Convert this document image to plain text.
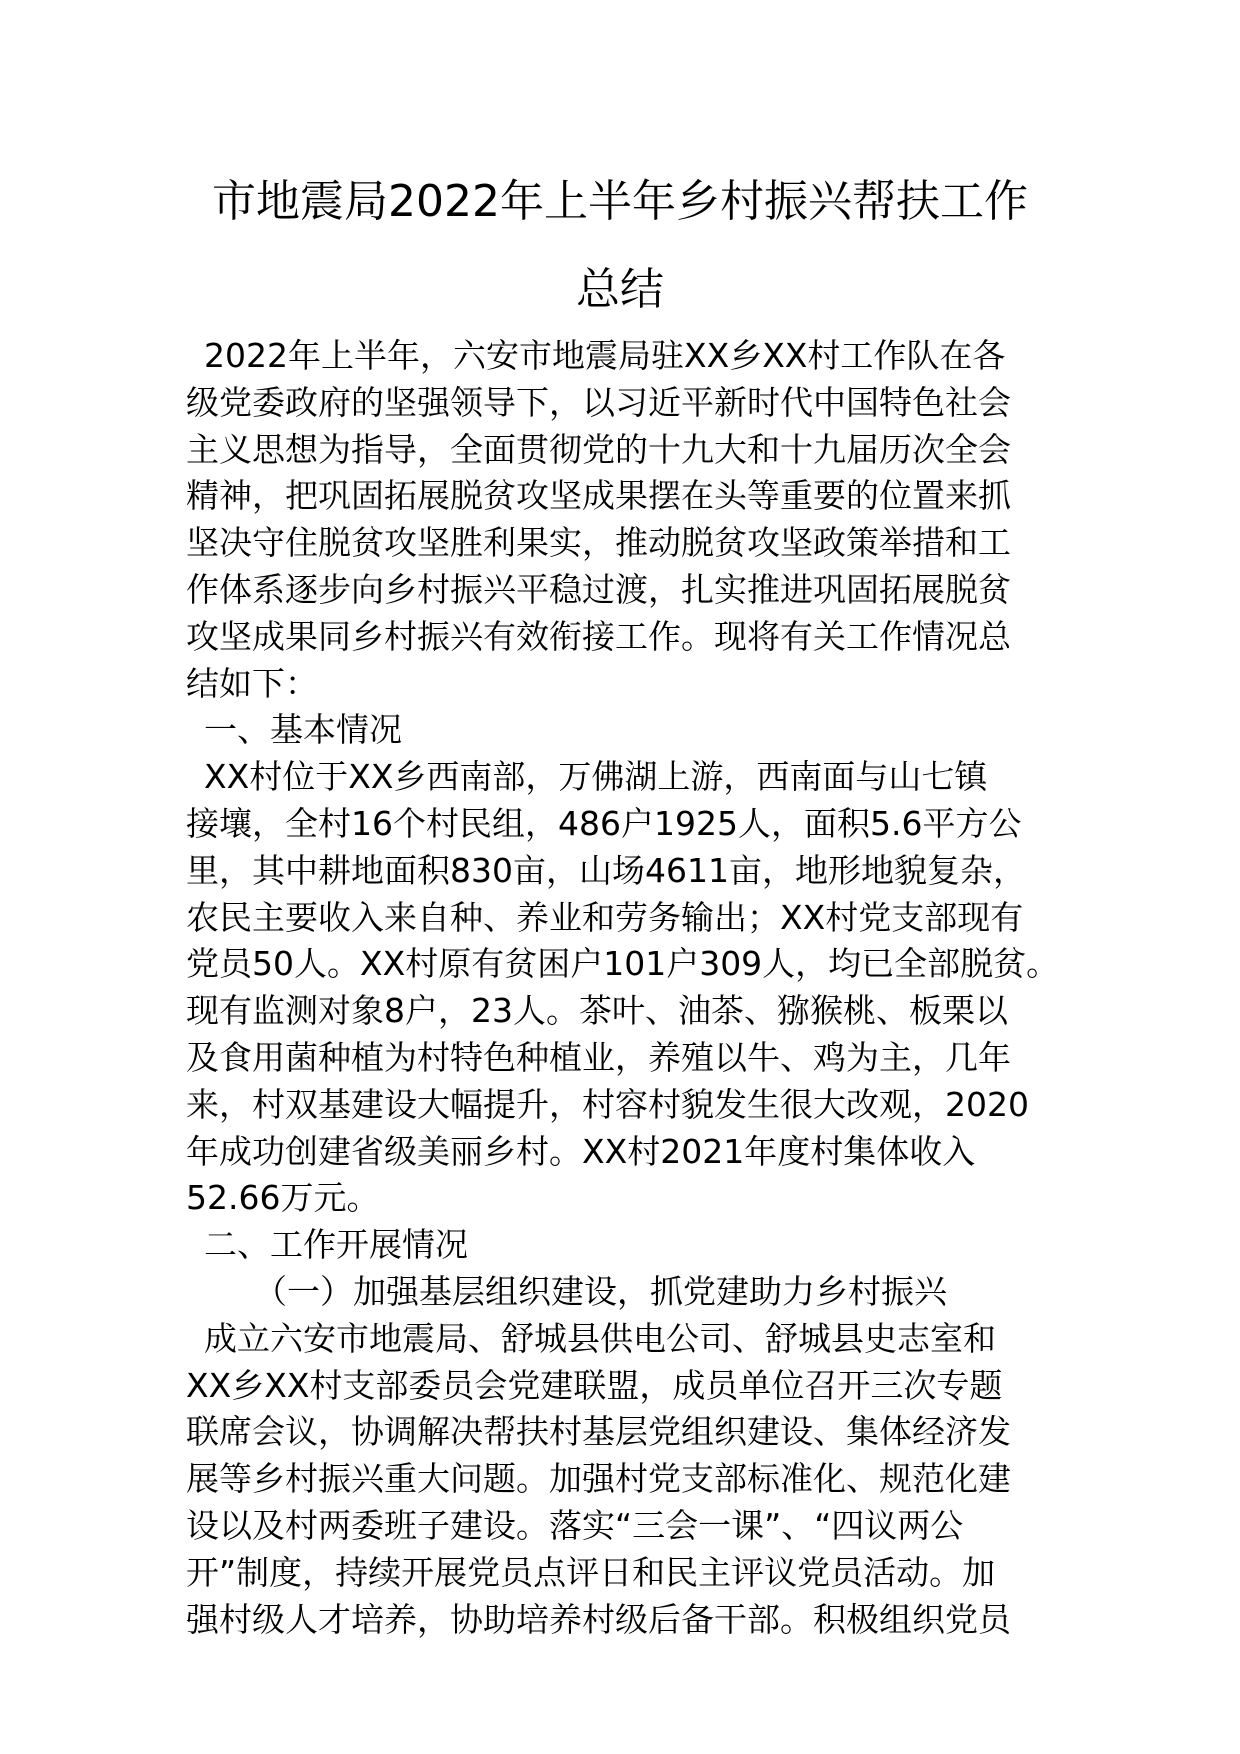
市地震局2022年上半年乡村振兴帮扶工作
总结
2022年上半年，六安市地震局驻XX乡XX村工作队在各
级党委政府的坚强领导下，以习近平新时代中国特色社会
主义思想为指导，全面贯彻党的十九大和十九届历次全会
精神，把巩固拓展脱贫攻坚成果摆在头等重要的位置来抓
坚决守住脱贫攻坚胜利果实，推动脱贫攻坚政策举措和工
作体系逐步向乡村振兴平稳过渡，扎实推进巩固拓展脱贫
攻坚成果同乡村振兴有效衔接工作。现将有关工作情况总
结如下：
一、基本情况
XX村位于XX乡西南部，万佛湖上游，西南面与山七镇
接壤，全村16个村民组，486户1925人，面积5.6平方公
里，其中耕地面积830亩，山场4611亩，地形地貌复杂，
农民主要收入来自种、养业和劳务输出；XX村党支部现有
党员50人。XX村原有贫困户101户309人，均已全部脱贫。
现有监测对象8户，23人。茶叶、油茶、猕猴桃、板栗以
及食用菌种植为村特色种植业，养殖以牛、鸡为主，几年
来，村双基建设大幅提升，村容村貌发生很大改观，2020
年成功创建省级美丽乡村。XX村2021年度村集体收入
52.66万元。
二、工作开展情况
（一）加强基层组织建设，抓党建助力乡村振兴
成立六安市地震局、舒城县供电公司、舒城县史志室和
XX乡XX村支部委员会党建联盟，成员单位召开三次专题
联席会议，协调解决帮扶村基层党组织建设、集体经济发
展等乡村振兴重大问题。加强村党支部标准化、规范化建
设以及村两委班子建设。落实“三会一课”、“四议两公
开”制度，持续开展党员点评日和民主评议党员活动。加
强村级人才培养，协助培养村级后备干部。积极组织党员
